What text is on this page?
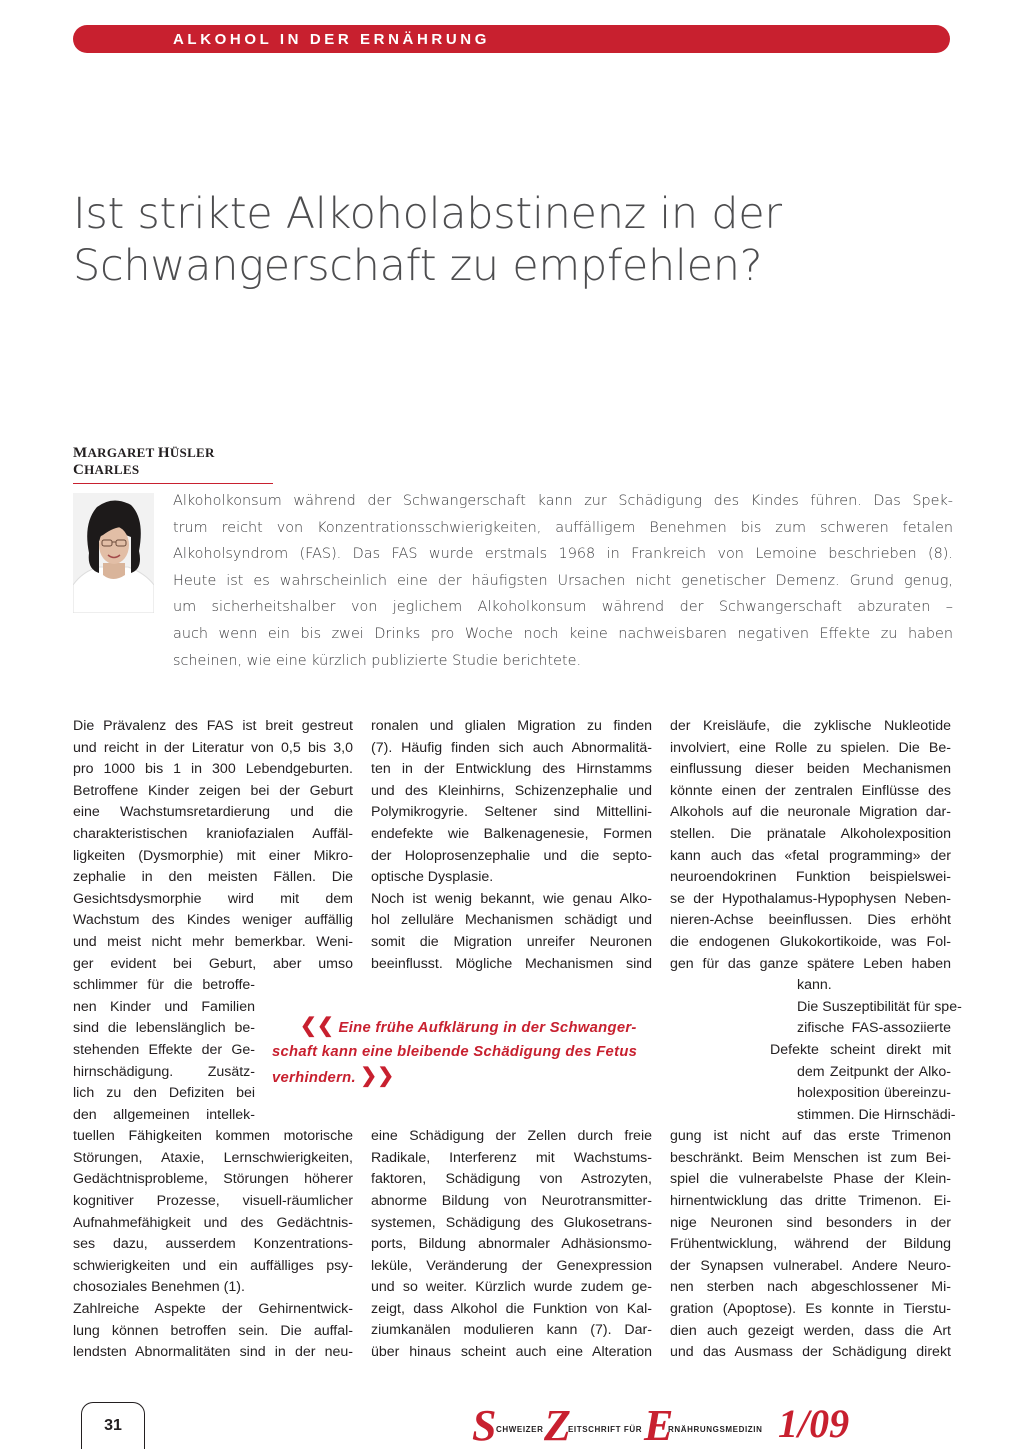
ALKOHOL IN DER ERNÄHRUNG
Ist strikte Alkoholabstinenz in der
Schwangerschaft zu empfehlen?
MARGARET HÜSLER CHARLES

Alkoholkonsum während der Schwangerschaft kann zur Schädigung des Kindes führen. Das Spek-
trum reicht von Konzentrationsschwierigkeiten, auffälligem Benehmen bis zum schweren fetalen
Alkoholsyndrom (FAS). Das FAS wurde erstmals 1968 in Frankreich von Lemoine beschrieben (8).
Heute ist es wahrscheinlich eine der häufigsten Ursachen nicht genetischer Demenz. Grund genug,
um sicherheitshalber von jeglichem Alkoholkonsum während der Schwangerschaft abzuraten –
auch wenn ein bis zwei Drinks pro Woche noch keine nachweisbaren negativen Effekte zu haben
scheinen, wie eine kürzlich publizierte Studie berichtete.

Die Prävalenz des FAS ist breit gestreut
und reicht in der Literatur von 0,5 bis 3,0
pro 1000 bis 1 in 300 Lebendgeburten.
Betroffene Kinder zeigen bei der Geburt
eine Wachstumsretardierung und die
charakteristischen kraniofazialen Auffäl-
ligkeiten (Dysmorphie) mit einer Mikro-
zephalie in den meisten Fällen. Die
Gesichtsdysmorphie wird mit dem
Wachstum des Kindes weniger auffällig
und meist nicht mehr bemerkbar. Weni-
ger evident bei Geburt, aber umso
schlimmer für die betroffe-
nen Kinder und Familien
sind die lebenslänglich be-
stehenden Effekte der Ge-
hirnschädigung. Zusätz-
lich zu den Defiziten bei
den allgemeinen intellek-
tuellen Fähigkeiten kommen motorische
Störungen, Ataxie, Lernschwierigkeiten,
Gedächtnisprobleme, Störungen höherer
kognitiver Prozesse, visuell-räumlicher
Aufnahmefähigkeit und des Gedächtnis-
ses dazu, ausserdem Konzentrations-
schwierigkeiten und ein auffälliges psy-
chosoziales Benehmen (1).

Zahlreiche Aspekte der Gehirnentwick-
lung können betroffen sein. Die auffal-
lendsten Abnormalitäten sind in der neu-

ronalen und glialen Migration zu finden
(7). Häufig finden sich auch Abnormalitä-
ten in der Entwicklung des Hirnstamms
und des Kleinhirns, Schizenzephalie und
Polymikrogyrie. Seltener sind Mittellini-
endefekte wie Balkenagenesie, Formen
der Holoprosenzephalie und die septo-
optische Dysplasie.

Noch ist wenig bekannt, wie genau Alko-
hol zelluläre Mechanismen schädigt und
somit die Migration unreifer Neuronen
beeinflusst. Mögliche Mechanismen sind

eine Schädigung der Zellen durch freie
Radikale, Interferenz mit Wachstums-
faktoren, Schädigung von Astrozyten,
abnorme Bildung von Neurotransmitter-
systemen, Schädigung des Glukosetrans-
ports, Bildung abnormaler Adhäsionsmo-
leküle, Veränderung der Genexpression
und so weiter. Kürzlich wurde zudem ge-
zeigt, dass Alkohol die Funktion von Kal-
ziumkanälen modulieren kann (7). Dar-
über hinaus scheint auch eine Alteration

der Kreisläufe, die zyklische Nukleotide
involviert, eine Rolle zu spielen. Die Be-
einflussung dieser beiden Mechanismen
könnte einen der zentralen Einflüsse des
Alkohols auf die neuronale Migration dar-
stellen. Die pränatale Alkoholexposition
kann auch das «fetal programming» der
neuroendokrinen Funktion beispielswei-
se der Hypothalamus-Hypophysen Neben-
nieren-Achse beeinflussen. Dies erhöht
die endogenen Glukokortikoide, was Fol-
gen für das ganze spätere Leben haben
kann.

Die Suszeptibilität für spe-
zifische FAS-assoziierte
Defekte scheint direkt mit
dem Zeitpunkt der Alko-
holexposition übereinzu-
stimmen. Die Hirnschädi-
gung ist nicht auf das erste Trimenon
beschränkt. Beim Menschen ist zum Bei-
spiel die vulnerabelste Phase der Klein-
hirnentwicklung das dritte Trimenon. Ei-
nige Neuronen sind besonders in der
Frühentwicklung, während der Bildung
der Synapsen vulnerabel. Andere Neuro-
nen sterben nach abgeschlossener Mi-
gration (Apoptose). Es konnte in Tierstu-
dien auch gezeigt werden, dass die Art
und das Ausmass der Schädigung direkt

❮❮ Eine frühe Aufklärung in der Schwanger-
schaft kann eine bleibende Schädigung des Fetus
verhindern. ❯❯

31	S CHWEIZER Z
EITSCHRIFT FÜR E
RNÄHRUNGSMEDIZIN 1/09
